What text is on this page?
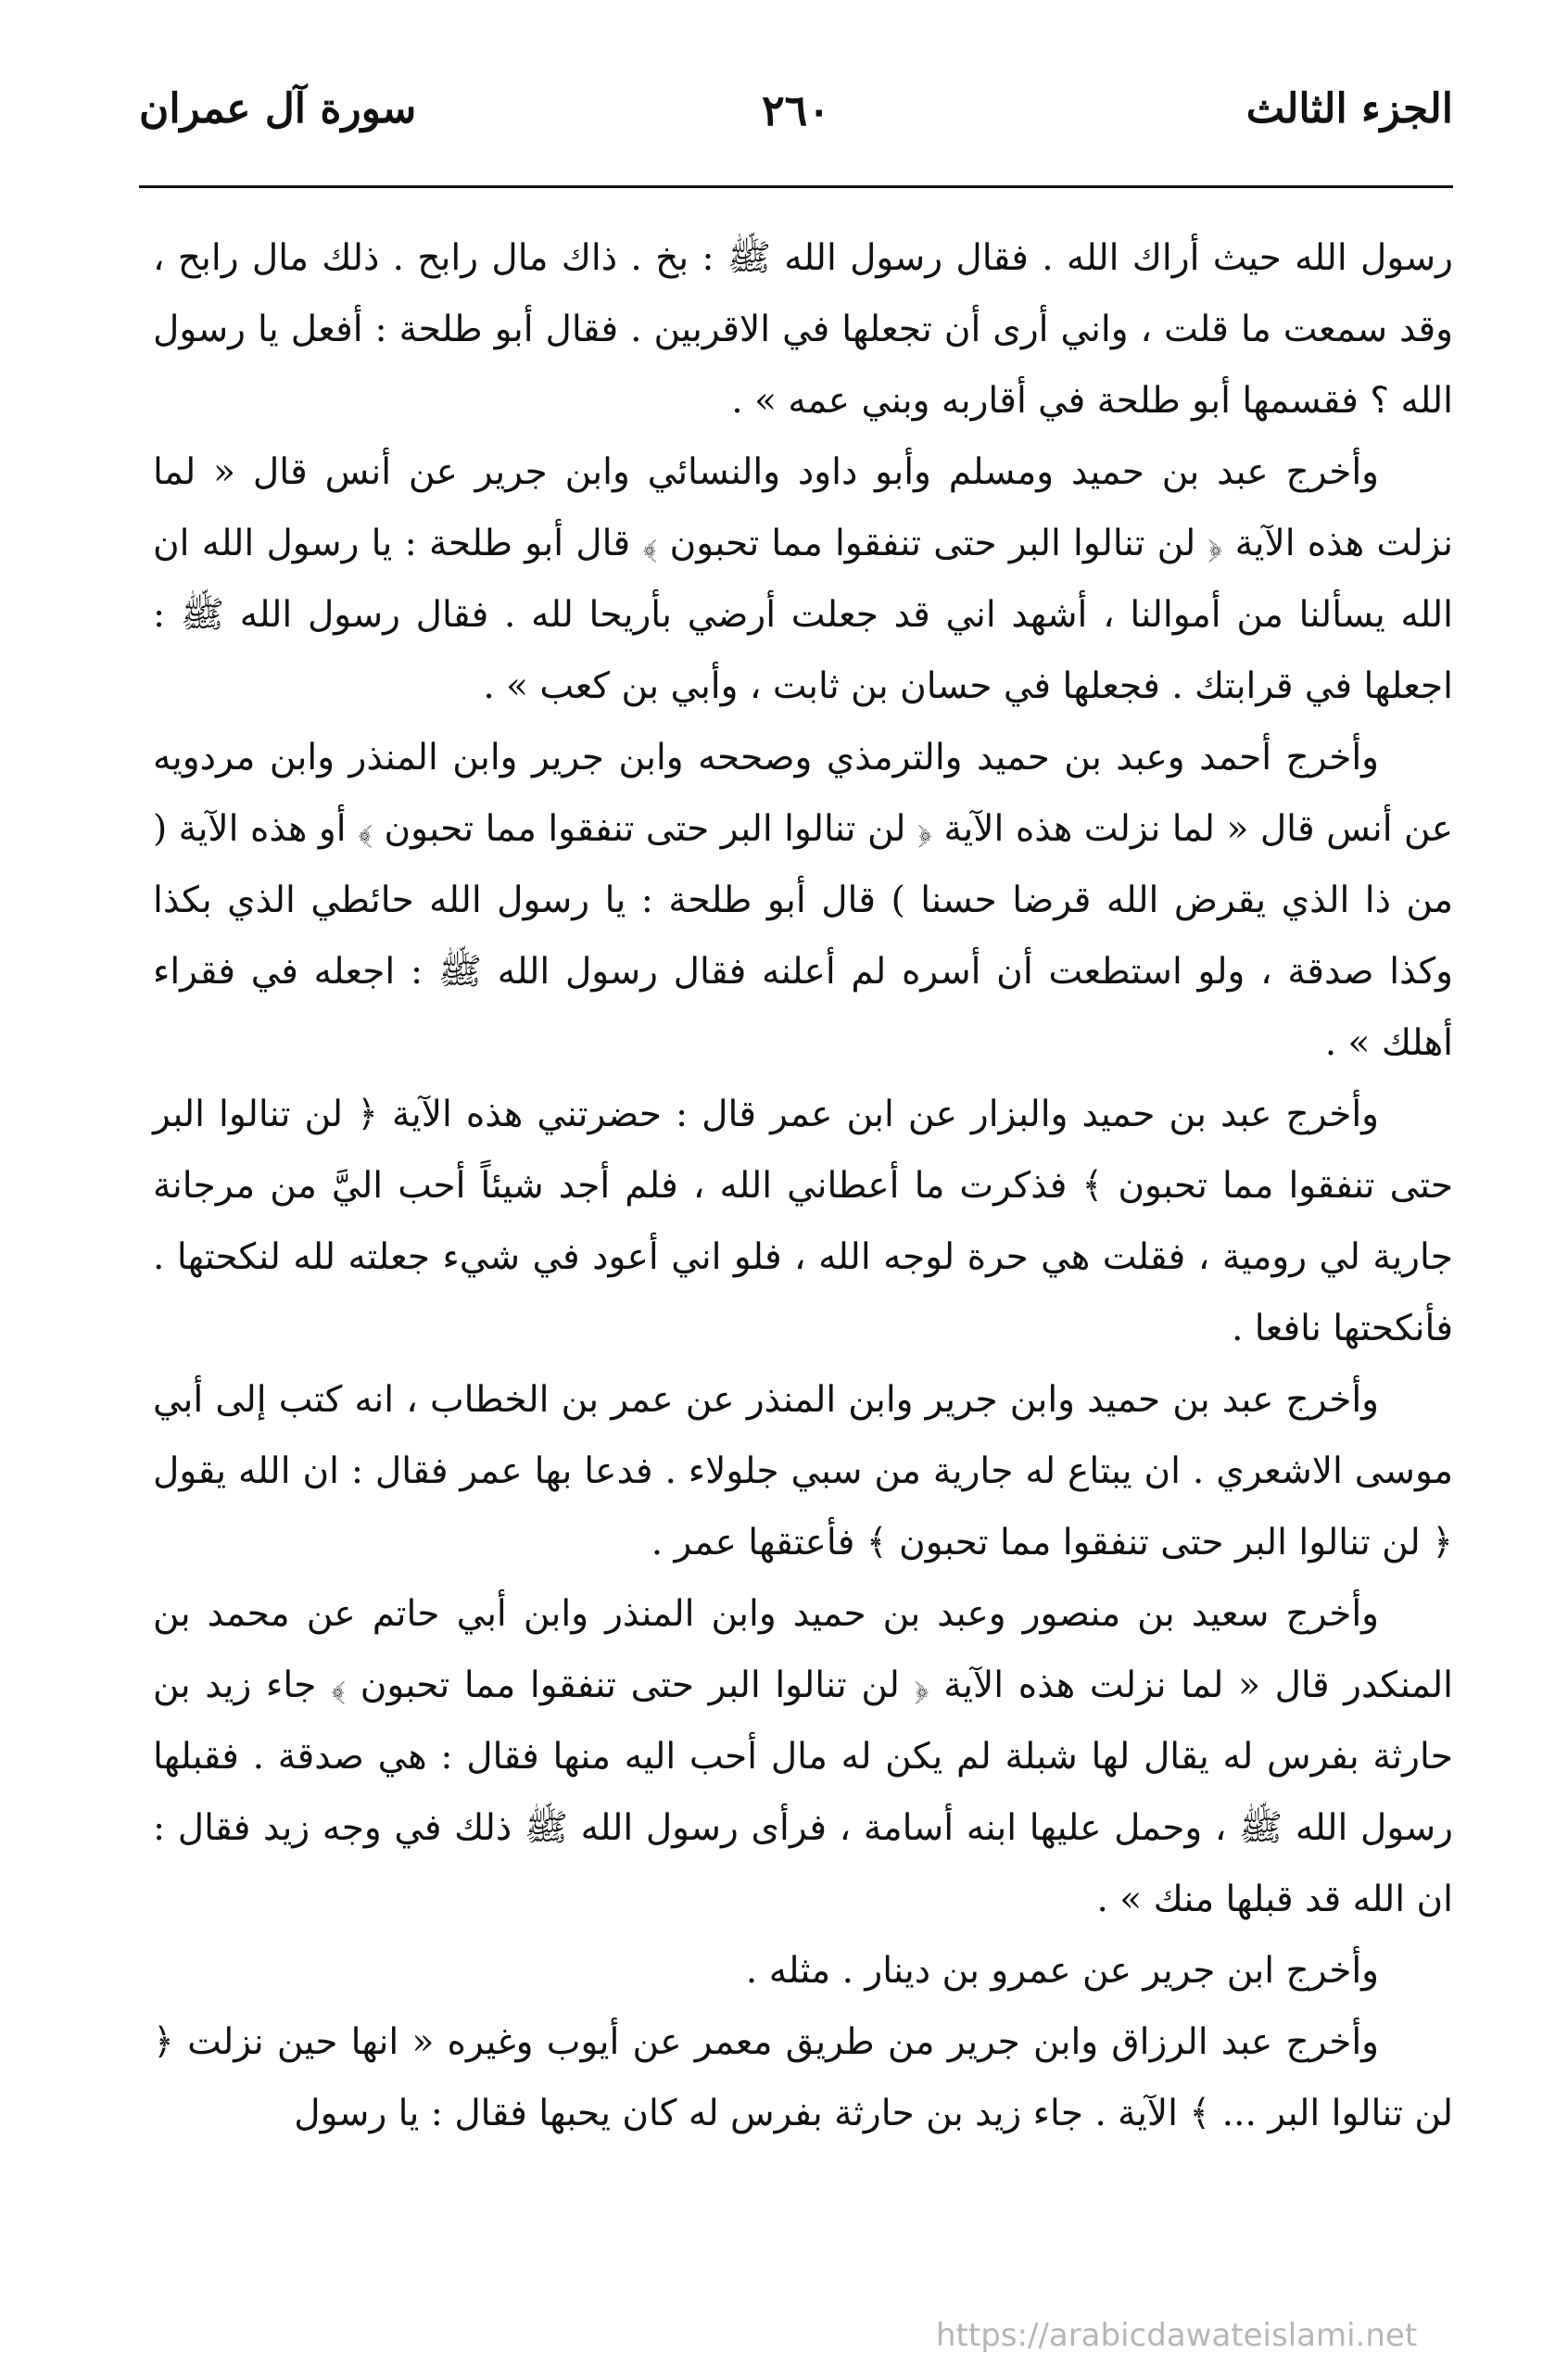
الجزء الثالث
٢٦٠
سورة آل عمران

رسول الله حيث أراك الله . فقال رسول الله ﷺ : بخ . ذاك مال رابح . ذلك مال رابح ، وقد سمعت ما قلت ، واني أرى أن تجعلها في الاقربين . فقال أبو طلحة : أفعل يا رسول الله ؟ فقسمها أبو طلحة في أقاربه وبني عمه » .

وأخرج عبد بن حميد ومسلم وأبو داود والنسائي وابن جرير عن أنس قال « لما نزلت هذه الآية ﴿ لن تنالوا البر حتى تنفقوا مما تحبون ﴾ قال أبو طلحة : يا رسول الله ان الله يسألنا من أموالنا ، أشهد اني قد جعلت أرضي بأريحا لله . فقال رسول الله ﷺ : اجعلها في قرابتك . فجعلها في حسان بن ثابت ، وأبي بن كعب » .

وأخرج أحمد وعبد بن حميد والترمذي وصححه وابن جرير وابن المنذر وابن مردويه عن أنس قال « لما نزلت هذه الآية ﴿ لن تنالوا البر حتى تنفقوا مما تحبون ﴾ أو هذه الآية ( من ذا الذي يقرض الله قرضا حسنا ) قال أبو طلحة : يا رسول الله حائطي الذي بكذا وكذا صدقة ، ولو استطعت أن أسره لم أعلنه فقال رسول الله ﷺ : اجعله في فقراء أهلك » .

وأخرج عبد بن حميد والبزار عن ابن عمر قال : حضرتني هذه الآية ﴿ لن تنالوا البر حتى تنفقوا مما تحبون ﴾ فذكرت ما أعطاني الله ، فلم أجد شيئاً أحب اليَّ من مرجانة جارية لي رومية ، فقلت هي حرة لوجه الله ، فلو اني أعود في شيء جعلته لله لنكحتها . فأنكحتها نافعا .

وأخرج عبد بن حميد وابن جرير وابن المنذر عن عمر بن الخطاب ، انه كتب إلى أبي موسى الاشعري . ان يبتاع له جارية من سبي جلولاء . فدعا بها عمر فقال : ان الله يقول ﴿ لن تنالوا البر حتى تنفقوا مما تحبون ﴾ فأعتقها عمر .

وأخرج سعيد بن منصور وعبد بن حميد وابن المنذر وابن أبي حاتم عن محمد بن المنكدر قال « لما نزلت هذه الآية ﴿ لن تنالوا البر حتى تنفقوا مما تحبون ﴾ جاء زيد بن حارثة بفرس له يقال لها شبلة لم يكن له مال أحب اليه منها فقال : هي صدقة . فقبلها رسول الله ﷺ ، وحمل عليها ابنه أسامة ، فرأى رسول الله ﷺ ذلك في وجه زيد فقال : ان الله قد قبلها منك » .

وأخرج ابن جرير عن عمرو بن دينار . مثله .

وأخرج عبد الرزاق وابن جرير من طريق معمر عن أيوب وغيره « انها حين نزلت ﴿ لن تنالوا البر ... ﴾ الآية . جاء زيد بن حارثة بفرس له كان يحبها فقال : يا رسول

https://arabicdawateislami.net
